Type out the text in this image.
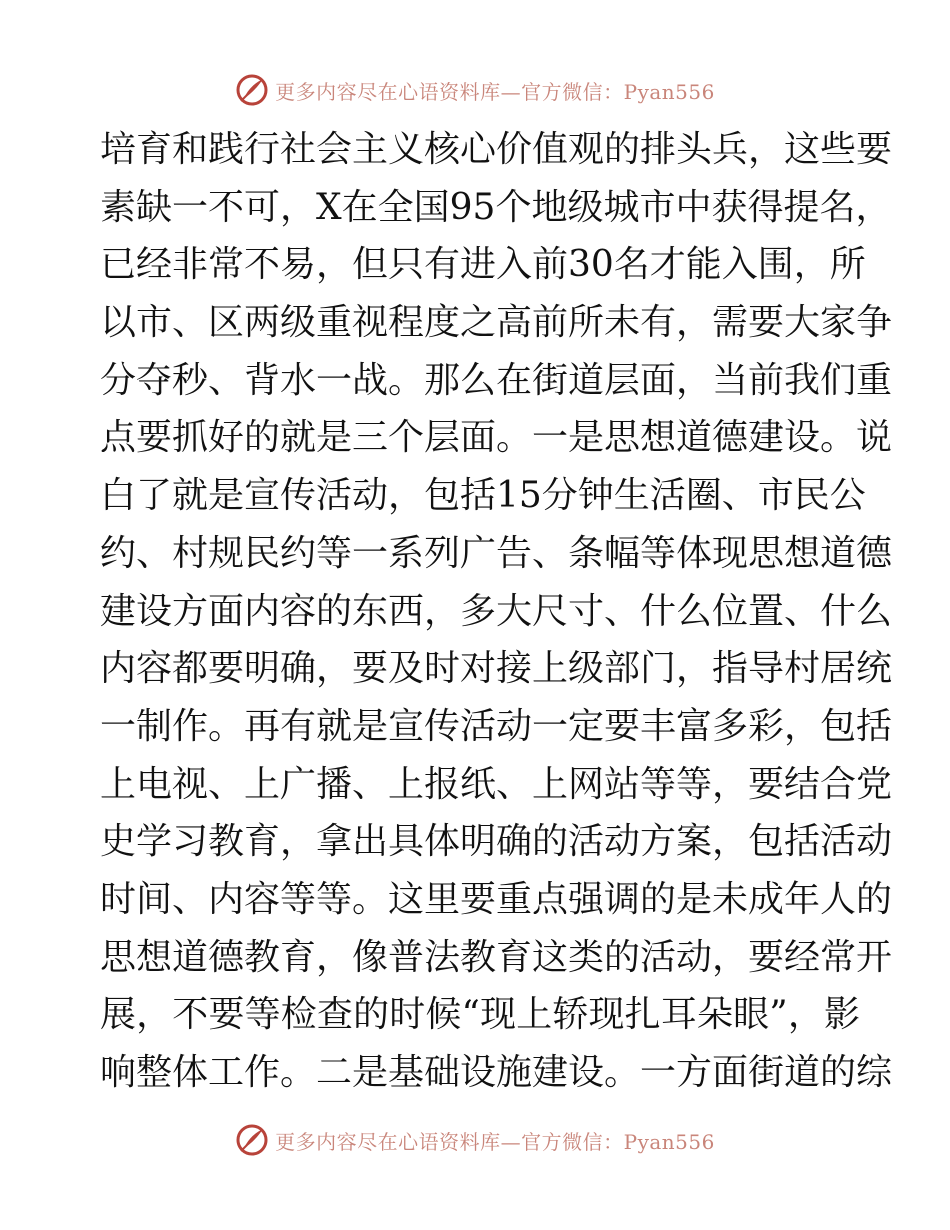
更多内容尽在心语资料库—官方微信：Pyan556
培育和践行社会主义核心价值观的排头兵，这些要
素缺一不可，X在全国95个地级城市中获得提名，
已经非常不易，但只有进入前30名才能入围，所
以市、区两级重视程度之高前所未有，需要大家争
分夺秒、背水一战。那么在街道层面，当前我们重
点要抓好的就是三个层面。一是思想道德建设。说
白了就是宣传活动，包括15分钟生活圈、市民公
约、村规民约等一系列广告、条幅等体现思想道德
建设方面内容的东西，多大尺寸、什么位置、什么
内容都要明确，要及时对接上级部门，指导村居统
一制作。再有就是宣传活动一定要丰富多彩，包括
上电视、上广播、上报纸、上网站等等，要结合党
史学习教育，拿出具体明确的活动方案，包括活动
时间、内容等等。这里要重点强调的是未成年人的
思想道德教育，像普法教育这类的活动，要经常开
展，不要等检查的时候“现上轿现扎耳朵眼”，影
响整体工作。二是基础设施建设。一方面街道的综
更多内容尽在心语资料库—官方微信：Pyan556
